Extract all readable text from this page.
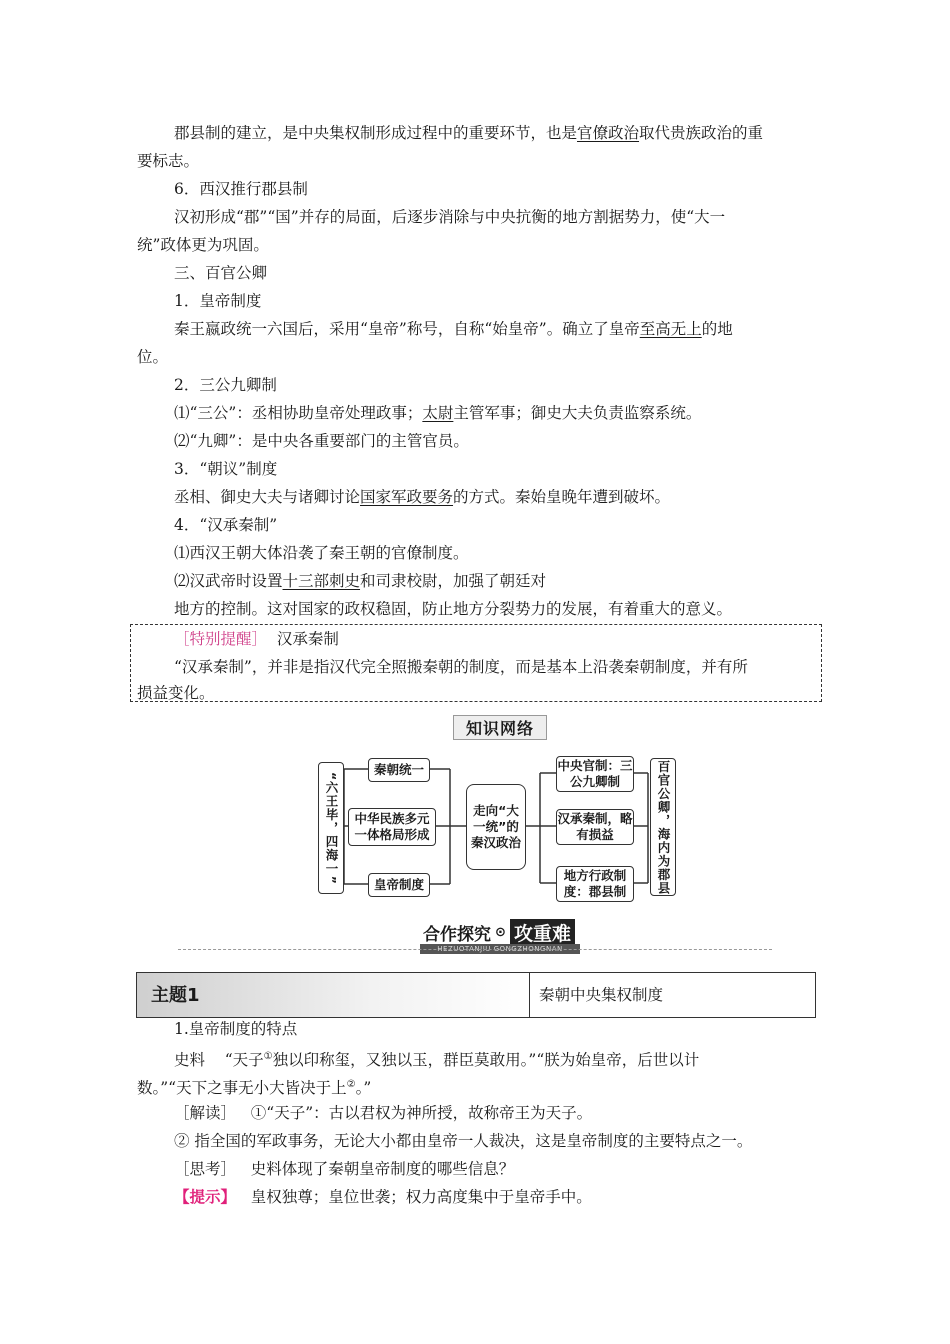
郡县制的建立，是中央集权制形成过程中的重要环节，也是官僚政治取代贵族政治的重
要标志。
6．西汉推行郡县制
汉初形成“郡”“国”并存的局面，后逐步消除与中央抗衡的地方割据势力，使“大一
统”政体更为巩固。
三、百官公卿
1．皇帝制度
秦王嬴政统一六国后，采用“皇帝”称号，自称“始皇帝”。确立了皇帝至高无上的地
位。
2．三公九卿制
⑴“三公”：丞相协助皇帝处理政事；太尉主管军事；御史大夫负责监察系统。
⑵“九卿”：是中央各重要部门的主管官员。
3．“朝议”制度
丞相、御史大夫与诸卿讨论国家军政要务的方式。秦始皇晚年遭到破坏。
4．“汉承秦制”
⑴西汉王朝大体沿袭了秦王朝的官僚制度。
⑵汉武帝时设置十三部刺史和司隶校尉，加强了朝廷对
地方的控制。这对国家的政权稳固，防止地方分裂势力的发展，有着重大的意义。
［特别提醒］ 汉承秦制
“汉承秦制”，并非是指汉代完全照搬秦朝的制度，而是基本上沿袭秦朝制度，并有所
损益变化。
知识网络
“六王毕，四海一”
秦朝统一
中华民族多元一体格局形成
皇帝制度
走向“大一统”的秦汉政治
中央官制：三公九卿制
汉承秦制，略有损益
地方行政制度：郡县制	百官公卿，海内为郡县
合作探究 ⊙ 攻重难
HEZUOTANJIU GONGZHONGNAN
主题1	秦朝中央集权制度
1.皇帝制度的特点
史料 “天子①独以印称玺，又独以玉，群臣莫敢用。”“朕为始皇帝，后世以计
数。”“天下之事无小大皆决于上②。”
［解读］ ①“天子”：古以君权为神所授，故称帝王为天子。
② 指全国的军政事务，无论大小都由皇帝一人裁决，这是皇帝制度的主要特点之一。
［思考］ 史料体现了秦朝皇帝制度的哪些信息？
【提示】 皇权独尊；皇位世袭；权力高度集中于皇帝手中。
